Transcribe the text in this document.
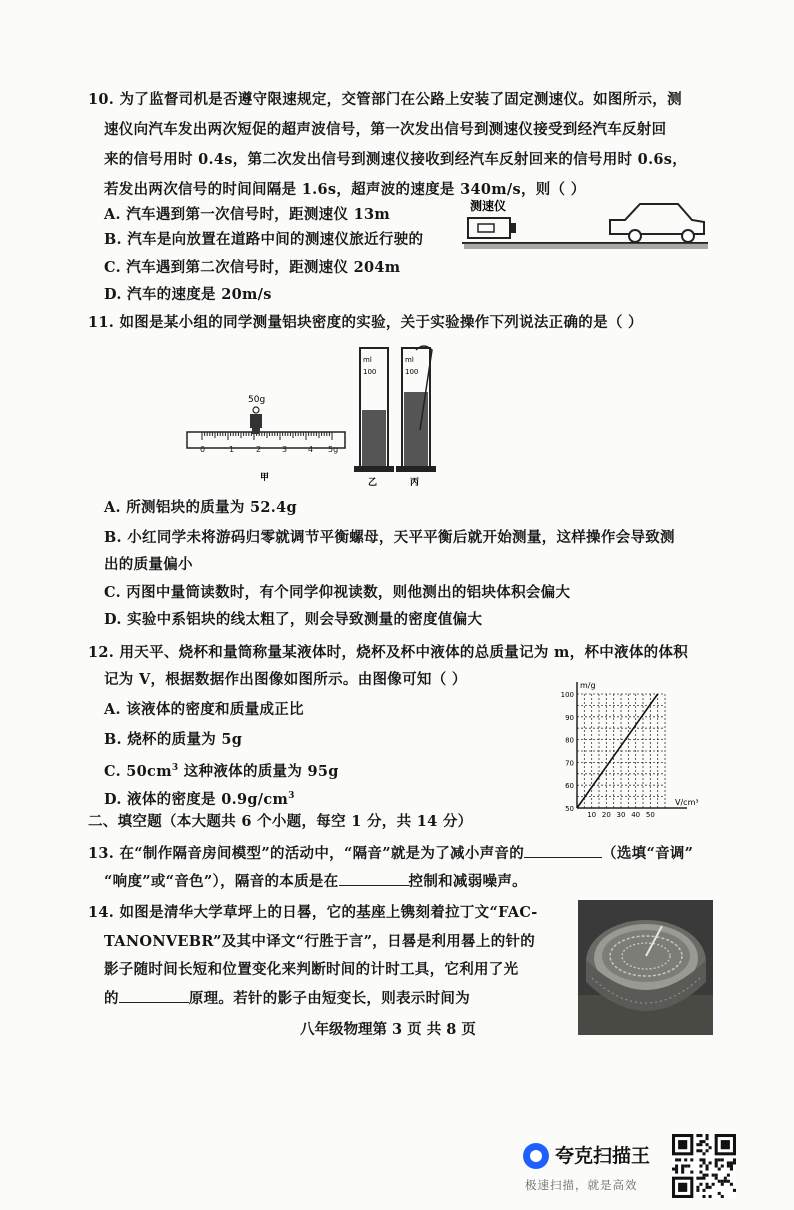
10. 为了监督司机是否遵守限速规定，交管部门在公路上安装了固定测速仪。如图所示，测
速仪向汽车发出两次短促的超声波信号，第一次发出信号到测速仪接受到经汽车反射回
来的信号用时 0.4s，第二次发出信号到测速仪接收到经汽车反射回来的信号用时 0.6s，
若发出两次信号的时间间隔是 1.6s，超声波的速度是 340m/s，则（ ）
A. 汽车遇到第一次信号时，距测速仪 13m
B. 汽车是向放置在道路中间的测速仪旅近行驶的
C. 汽车遇到第二次信号时，距测速仪 204m
D. 汽车的速度是 20m/s
测速仪
11. 如图是某小组的同学测量铝块密度的实验，关于实验操作下列说法正确的是（ ）
0	1	2	3	4 5g
50g
甲
ml
100
乙
ml
100
丙
A. 所测铝块的质量为 52.4g
B. 小红同学未将游码归零就调节平衡螺母，天平平衡后就开始测量，这样操作会导致测
出的质量偏小
C. 丙图中量筒读数时，有个同学仰视读数，则他测出的铝块体积会偏大
D. 实验中系铝块的线太粗了，则会导致测量的密度值偏大
12. 用天平、烧杯和量筒称量某液体时，烧杯及杯中液体的总质量记为 m，杯中液体的体积
记为 V，根据数据作出图像如图所示。由图像可知（ ）
A. 该液体的密度和质量成正比
B. 烧杯的质量为 5g
C. $50cm^3$ 这种液体的质量为 95g
D. 液体的密度是 $0.9g/cm^3$
50
60
70
80
90
100
10 20 30 40 50
m/g
V/cm³
二、填空题（本大题共 6 个小题，每空 1 分，共 14 分）
13. 在“制作隔音房间模型”的活动中，“隔音”就是为了减小声音的	（选填“音调”
“响度”或“音色”），隔音的本质是在	控制和减弱噪声。
14. 如图是清华大学草坪上的日晷，它的基座上镌刻着拉丁文“FAC-
TANONVEBR”及其中译文“行胜于言”，日晷是利用晷上的针的
影子随时间长短和位置变化来判断时间的计时工具，它利用了光
的	原理。若针的影子由短变长，则表示时间为
八年级物理第 3 页 共 8 页
夸克扫描王
极速扫描，就是高效
